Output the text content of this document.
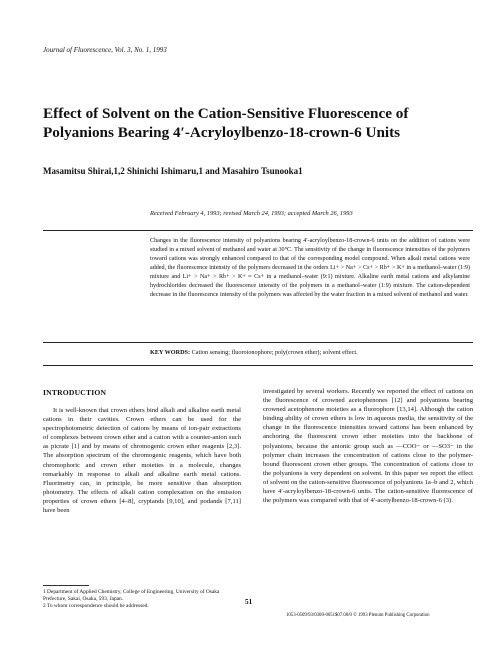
Journal of Fluorescence, Vol. 3, No. 1, 1993
Effect of Solvent on the Cation-Sensitive Fluorescence of Polyanions Bearing 4′-Acryloylbenzo-18-crown-6 Units
Masamitsu Shirai,1,2 Shinichi Ishimaru,1 and Masahiro Tsunooka1
Received February 4, 1993; revised March 24, 1993; accepted March 26, 1993
Changes in the fluorescence intensity of polyanions bearing 4′-acryloylbenzo-18-crown-6 units on the addition of cations were studied in a mixed solvent of methanol and water at 30°C. The sensitivity of the change in fluorescence intensities of the polymers toward cations was strongly enhanced compared to that of the corresponding model compound. When alkali metal cations were added, the fluorescence intensity of the polymers decreased in the orders Li+ > Na+ > Cs+ > Rb+ > K+ in a methanol–water (1:9) mixture and Li+ > Na+ > Rb+ > K+ ≈ Cs+ in a methanol–water (9:1) mixture. Alkaline earth metal cations and alkylamine hydrochlorides decreased the fluorescence intensity of the polymers in a methanol–water (1:9) mixture. The cation-dependent decrease in the fluorescence intensity of the polymers was affected by the water fraction in a mixed solvent of methanol and water.
KEY WORDS: Cation sensing; fluoroionophore; poly(crown ether); solvent effect.
INTRODUCTION

It is well-known that crown ethers bind alkali and alkaline earth metal cations in their cavities. Crown ethers can be used for the spectrophotometric detection of cations by means of ion-pair extractions of complexes between crown ether and a cation with a counter-anion such as picrate [1] and by means of chromogenic crown ether reagents [2,3]. The absorption spectrum of the chromogenic reagents, which have both chromophoric and crown ether moieties in a molecule, changes remarkably in response to alkali and alkaline earth metal cations. Fluorimetry can, in principle, be more sensitive than absorption photometry. The effects of alkali cation complexation on the emission properties of crown ethers [4–8], cryptands [9,10], and podands [7,11] have been

investigated by several workers. Recently we reported the effect of cations on the fluorescence of crowned acetophenones [12] and polyanions bearing crowned acetophenone moieties as a fluorophore [13,14]. Although the cation binding ability of crown ethers is low in aqueous media, the sensitivity of the change in the fluorescence intensities toward cations has been enhanced by anchoring the fluorescent crown ether moieties into the backbone of polyanions, because the anionic group such as —COO− or —SO3− in the polymer chain increases the concentration of cations close to the polymer-bound fluorescent crown ether groups. The concentration of cations close to the polyanions is very dependent on solvent. In this paper we report the effect of solvent on the cation-sensitive fluorescence of polyanions 1a–b and 2, which have 4′-acryloylbenzo-18-crown-6 units. The cation-sensitive fluorescence of the polymers was compared with that of 4′-acetylbenzo-18-crown-6 (3).

1 Department of Applied Chemistry, College of Engineering, University of Osaka Prefecture, Sakai, Osaka, 593, Japan.
2 To whom correspondence should be addressed.	51
1053-0509/93/0300-0051$07.00/0 © 1993 Plenum Publishing Corporation
